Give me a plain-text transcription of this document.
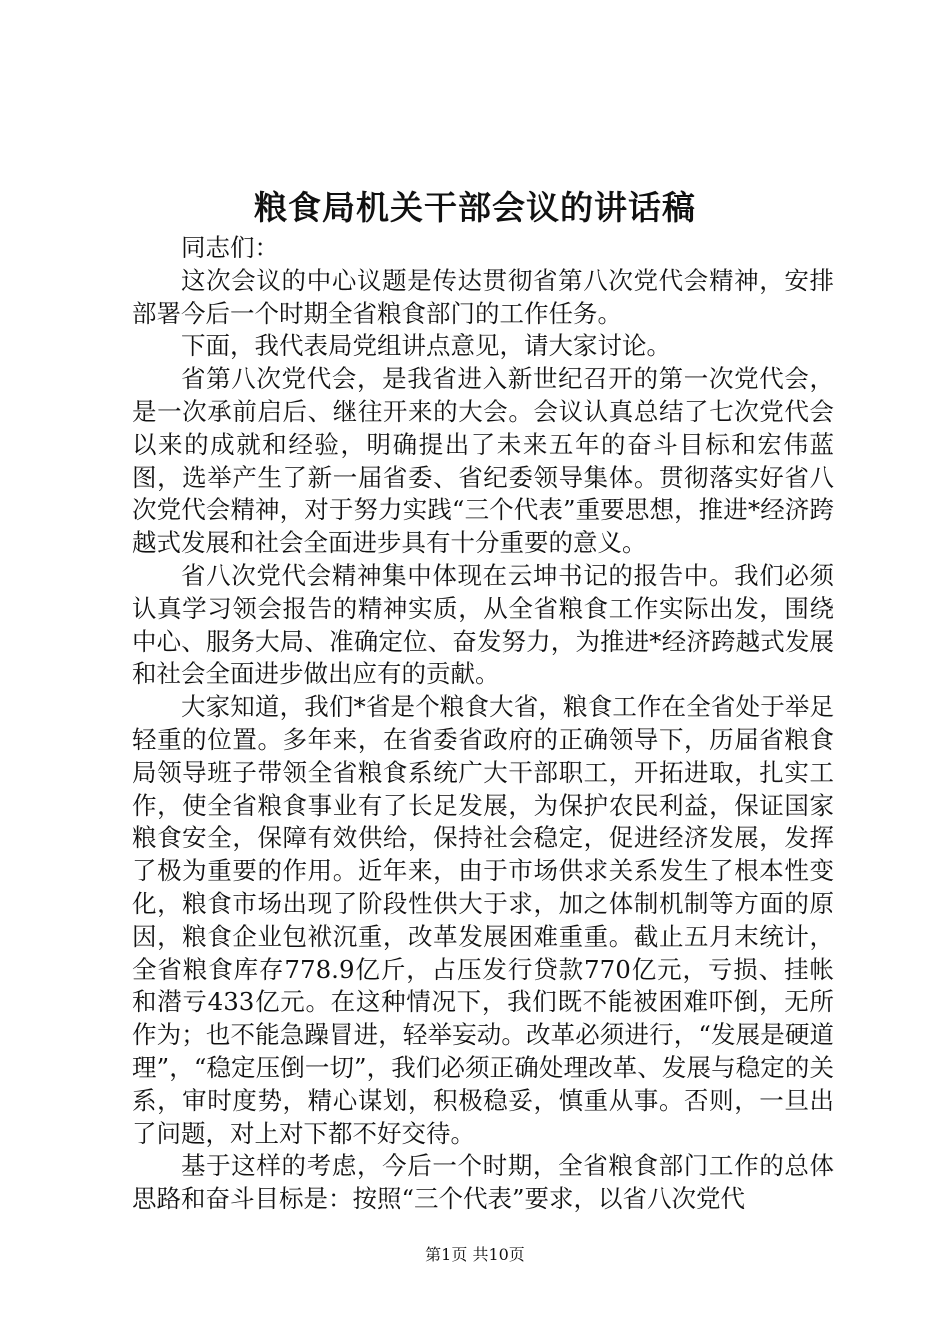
粮食局机关干部会议的讲话稿

同志们：

这次会议的中心议题是传达贯彻省第八次党代会精神，安排部署今后一个时期全省粮食部门的工作任务。

下面，我代表局党组讲点意见，请大家讨论。

省第八次党代会，是我省进入新世纪召开的第一次党代会，是一次承前启后、继往开来的大会。会议认真总结了七次党代会以来的成就和经验，明确提出了未来五年的奋斗目标和宏伟蓝图，选举产生了新一届省委、省纪委领导集体。贯彻落实好省八次党代会精神，对于努力实践“三个代表”重要思想，推进*经济跨越式发展和社会全面进步具有十分重要的意义。

省八次党代会精神集中体现在云坤书记的报告中。我们必须认真学习领会报告的精神实质，从全省粮食工作实际出发，围绕中心、服务大局、准确定位、奋发努力，为推进*经济跨越式发展和社会全面进步做出应有的贡献。

大家知道，我们*省是个粮食大省，粮食工作在全省处于举足轻重的位置。多年来，在省委省政府的正确领导下，历届省粮食局领导班子带领全省粮食系统广大干部职工，开拓进取，扎实工作，使全省粮食事业有了长足发展，为保护农民利益，保证国家粮食安全，保障有效供给，保持社会稳定，促进经济发展，发挥了极为重要的作用。近年来，由于市场供求关系发生了根本性变化，粮食市场出现了阶段性供大于求，加之体制机制等方面的原因，粮食企业包袱沉重，改革发展困难重重。截止五月末统计，全省粮食库存778.9亿斤，占压发行贷款770亿元，亏损、挂帐和潜亏433亿元。在这种情况下，我们既不能被困难吓倒，无所作为；也不能急躁冒进，轻举妄动。改革必须进行，“发展是硬道理”，“稳定压倒一切”，我们必须正确处理改革、发展与稳定的关系，审时度势，精心谋划，积极稳妥，慎重从事。否则，一旦出了问题，对上对下都不好交待。

基于这样的考虑，今后一个时期，全省粮食部门工作的总体思路和奋斗目标是：按照“三个代表”要求，以省八次党代

第1页 共10页
